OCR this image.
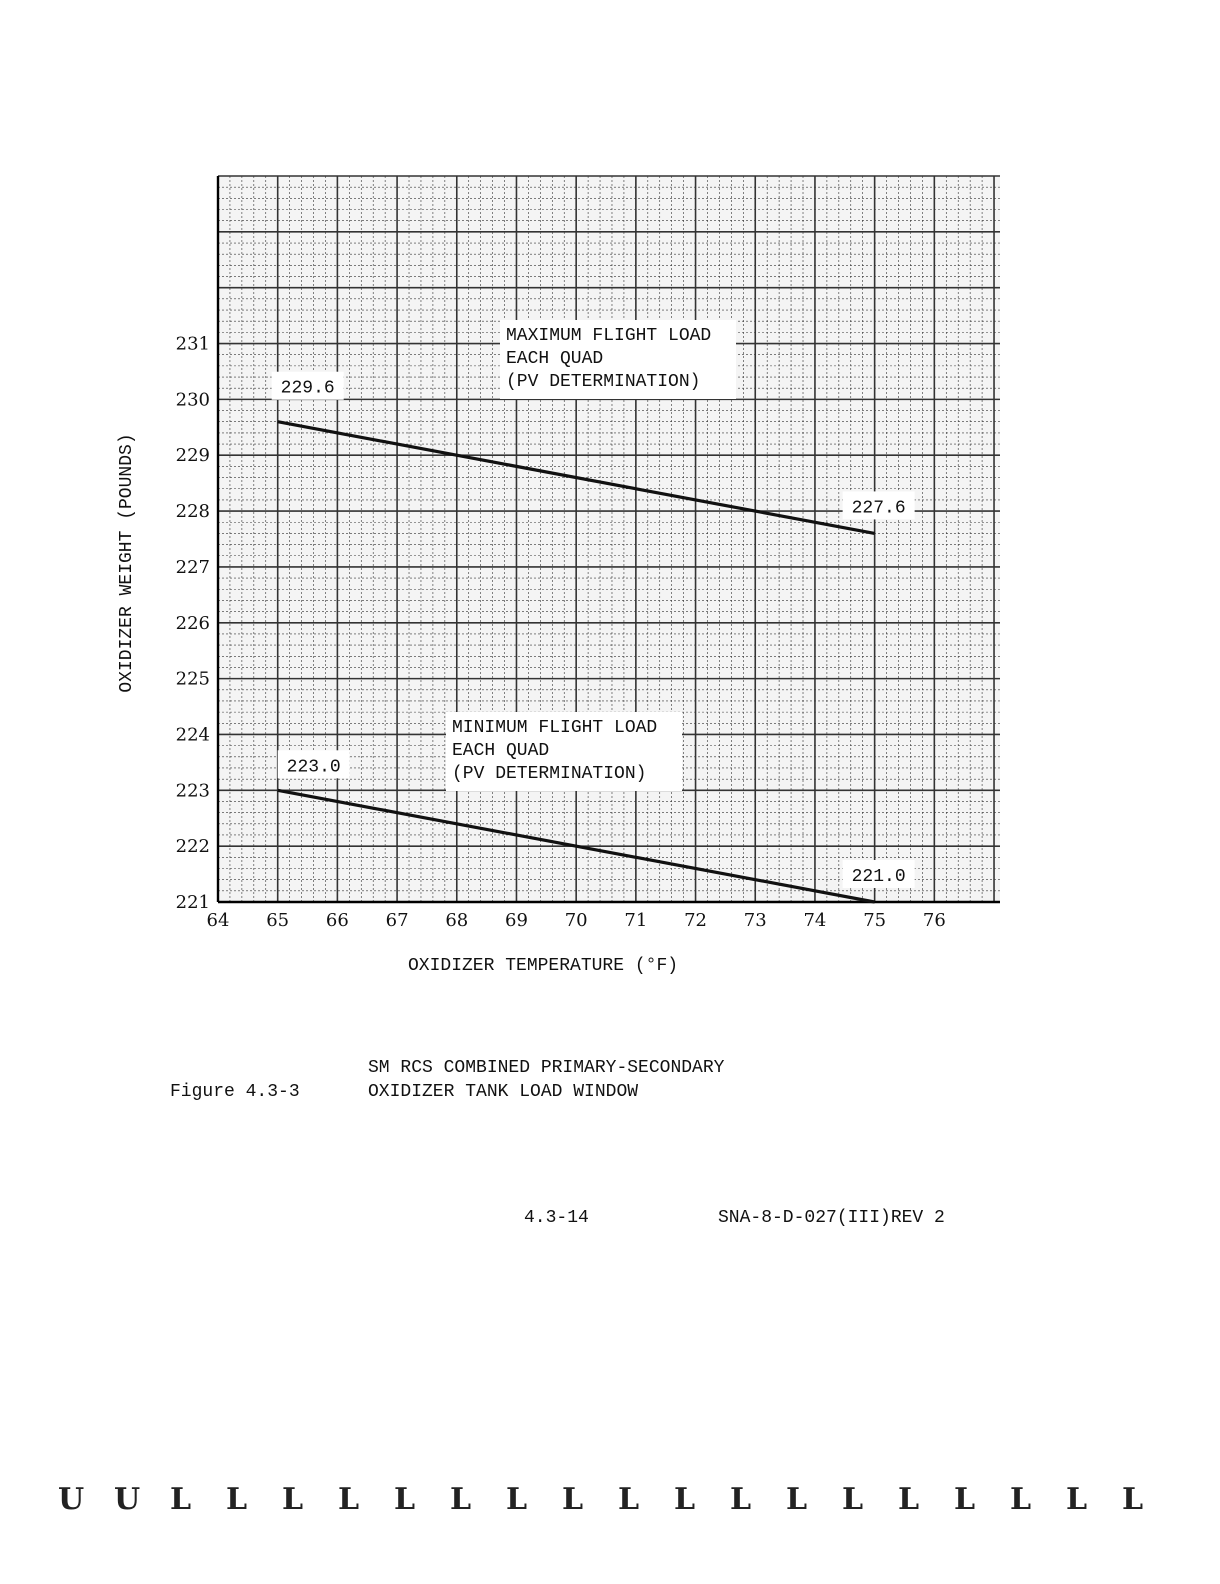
64 65 66 67 68 69 70 71 72 73 74 75 76
221
222
223
224
225
226
227
228
229
230
231
OXIDIZER WEIGHT (POUNDS)
MAXIMUM FLIGHT LOAD
EACH QUAD
(PV DETERMINATION)
MINIMUM FLIGHT LOAD
EACH QUAD
(PV DETERMINATION)
229.6
227.6
223.0
221.0
OXIDIZER TEMPERATURE (°F)
Figure 4.3-3
SM RCS COMBINED PRIMARY-SECONDARY
OXIDIZER TANK LOAD WINDOW
4.3-14	SNA-8-D-027(III)REV 2
U U L L L L L L L L L L L L L L L L L L
